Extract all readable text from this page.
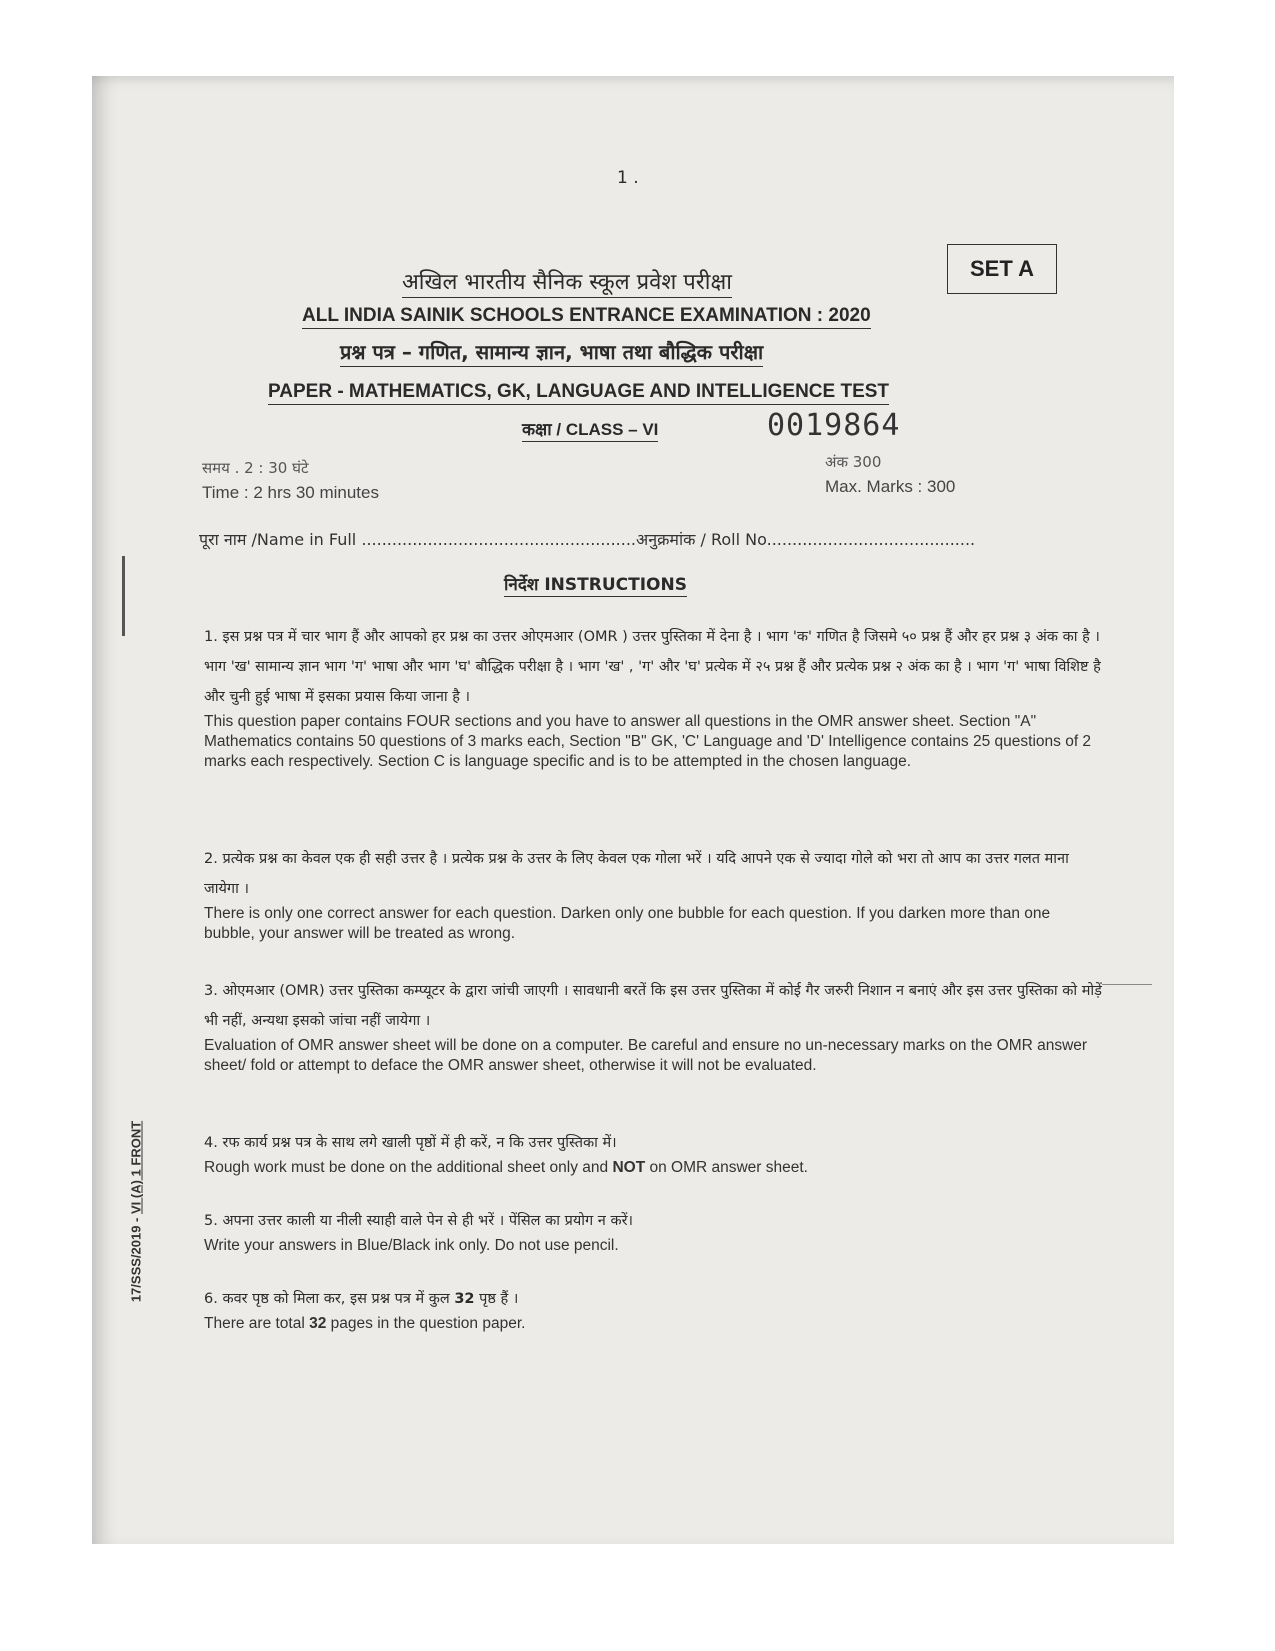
1 .
SET A
अखिल भारतीय सैनिक स्कूल प्रवेश परीक्षा
ALL INDIA SAINIK SCHOOLS ENTRANCE EXAMINATION : 2020
प्रश्न पत्र – गणित, सामान्य ज्ञान, भाषा तथा बौद्धिक परीक्षा
PAPER - MATHEMATICS, GK, LANGUAGE AND INTELLIGENCE TEST
कक्षा / CLASS – VI	0019864
समय . 2 : 30 घंटे
Time : 2 hrs 30 minutes
अंक 300
Max. Marks : 300
पूरा नाम /Name in Full ......................................................अनुक्रमांक / Roll No.........................................
निर्देश INSTRUCTIONS
1. इस प्रश्न पत्र में चार भाग हैं और आपको हर प्रश्न का उत्तर ओएमआर (OMR ) उत्तर पुस्तिका में देना है । भाग 'क' गणित है जिसमे ५० प्रश्न हैं और हर प्रश्न ३ अंक का है । भाग 'ख' सामान्य ज्ञान भाग 'ग' भाषा और भाग 'घ' बौद्धिक परीक्षा है । भाग 'ख' , 'ग' और 'घ' प्रत्येक में २५ प्रश्न हैं और प्रत्येक प्रश्न २ अंक का है । भाग 'ग' भाषा विशिष्ट है और चुनी हुई भाषा में इसका प्रयास किया जाना है ।
This question paper contains FOUR sections and you have to answer all questions in the OMR answer sheet. Section "A" Mathematics contains 50 questions of 3 marks each, Section "B" GK, 'C' Language and 'D' Intelligence contains 25 questions of 2 marks each respectively. Section C is language specific and is to be attempted in the chosen language.
2. प्रत्येक प्रश्न का केवल एक ही सही उत्तर है । प्रत्येक प्रश्न के उत्तर के लिए केवल एक गोला भरें । यदि आपने एक से ज्यादा गोले को भरा तो आप का उत्तर गलत माना जायेगा ।
There is only one correct answer for each question. Darken only one bubble for each question. If you darken more than one bubble, your answer will be treated as wrong.
3. ओएमआर (OMR) उत्तर पुस्तिका कम्प्यूटर के द्वारा जांची जाएगी । सावधानी बरतें कि इस उत्तर पुस्तिका में कोई गैर जरुरी निशान न बनाएं और इस उत्तर पुस्तिका को मोड़ें भी नहीं, अन्यथा इसको जांचा नहीं जायेगा ।
Evaluation of OMR answer sheet will be done on a computer. Be careful and ensure no un-necessary marks on the OMR answer sheet/ fold or attempt to deface the OMR answer sheet, otherwise it will not be evaluated.
4. रफ कार्य प्रश्न पत्र के साथ लगे खाली पृष्ठों में ही करें, न कि उत्तर पुस्तिका में।
Rough work must be done on the additional sheet only and NOT on OMR answer sheet.
5. अपना उत्तर काली या नीली स्याही वाले पेन से ही भरें । पेंसिल का प्रयोग न करें।
Write your answers in Blue/Black ink only. Do not use pencil.
6. कवर पृष्ठ को मिला कर, इस प्रश्न पत्र में कुल 32 पृष्ठ हैं ।
There are total 32 pages in the question paper.
17/SSS/2019 - VI (A) 1 FRONT
